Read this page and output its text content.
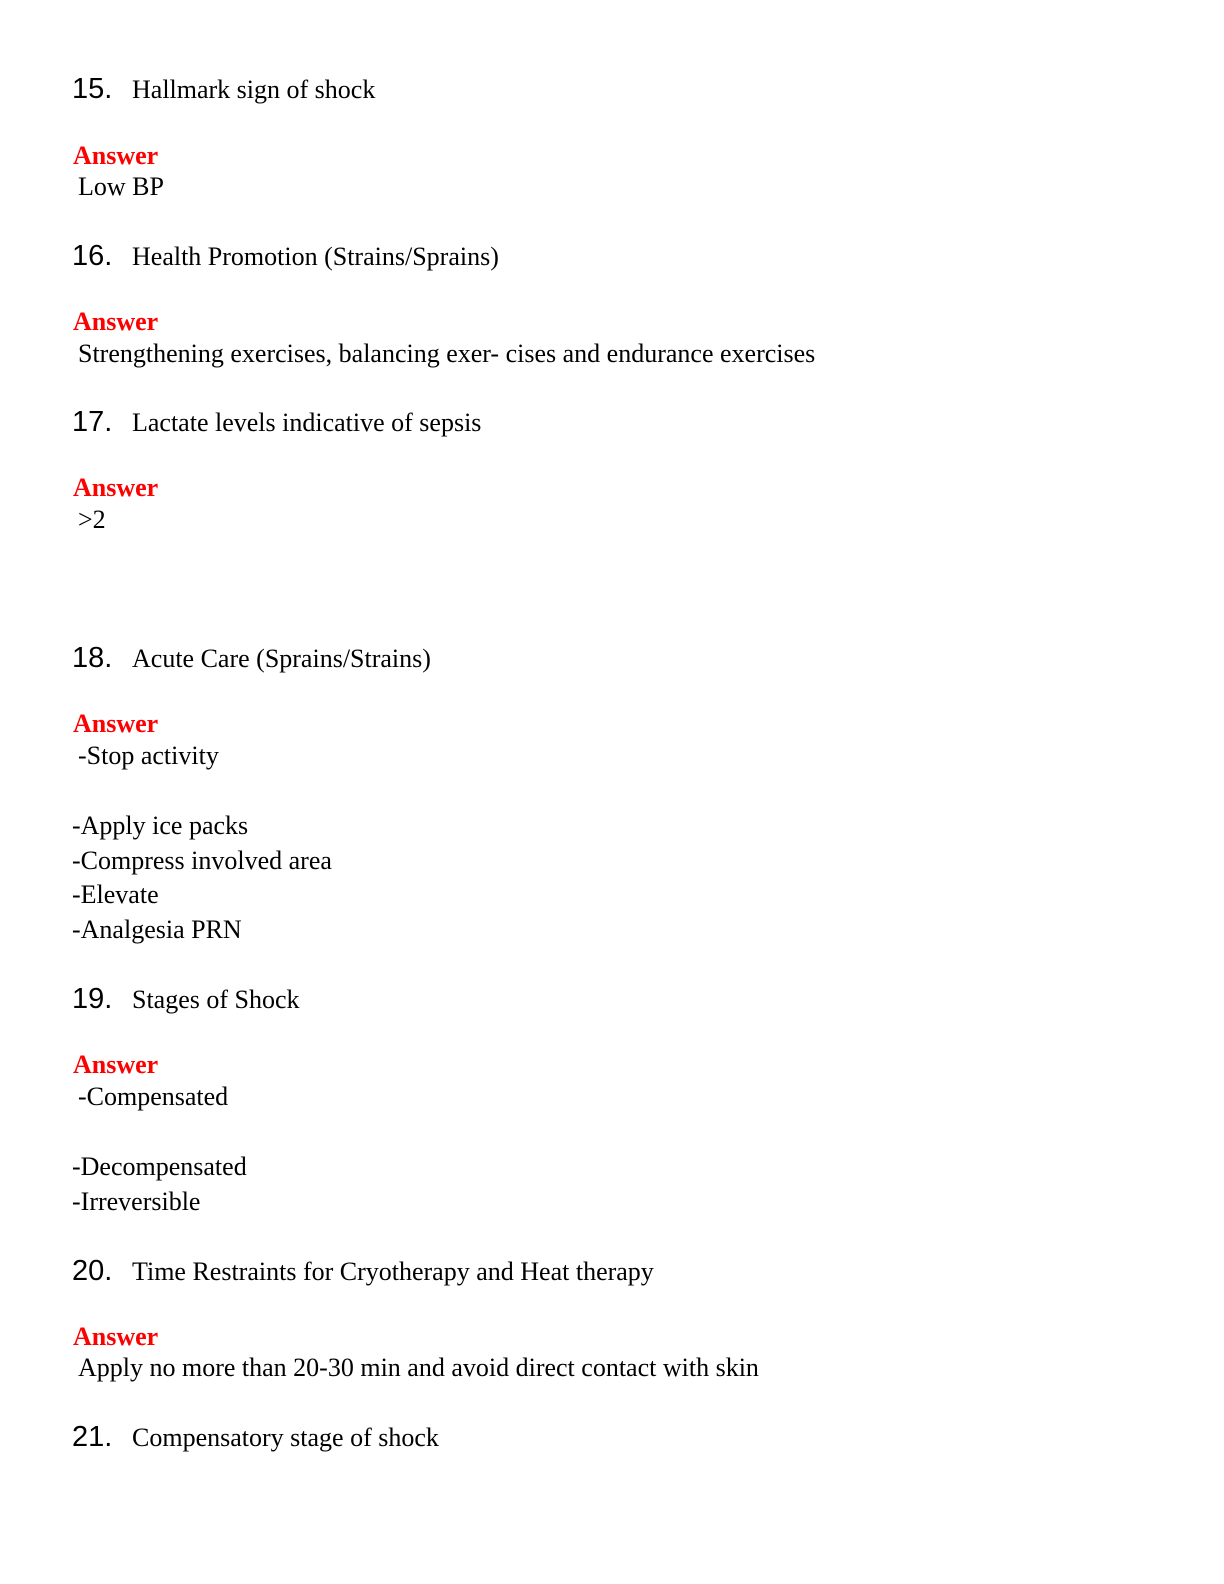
15. Hallmark sign of shock
Answer
Low BP
16. Health Promotion (Strains/Sprains)
Answer
Strengthening exercises, balancing exer- cises and endurance exercises
17. Lactate levels indicative of sepsis
Answer
>2
18. Acute Care (Sprains/Strains)
Answer
-Stop activity
-Apply ice packs
-Compress involved area
-Elevate
-Analgesia PRN
19. Stages of Shock
Answer
-Compensated
-Decompensated
-Irreversible
20. Time Restraints for Cryotherapy and Heat therapy
Answer
Apply no more than 20-30 min and avoid direct contact with skin
21. Compensatory stage of shock
